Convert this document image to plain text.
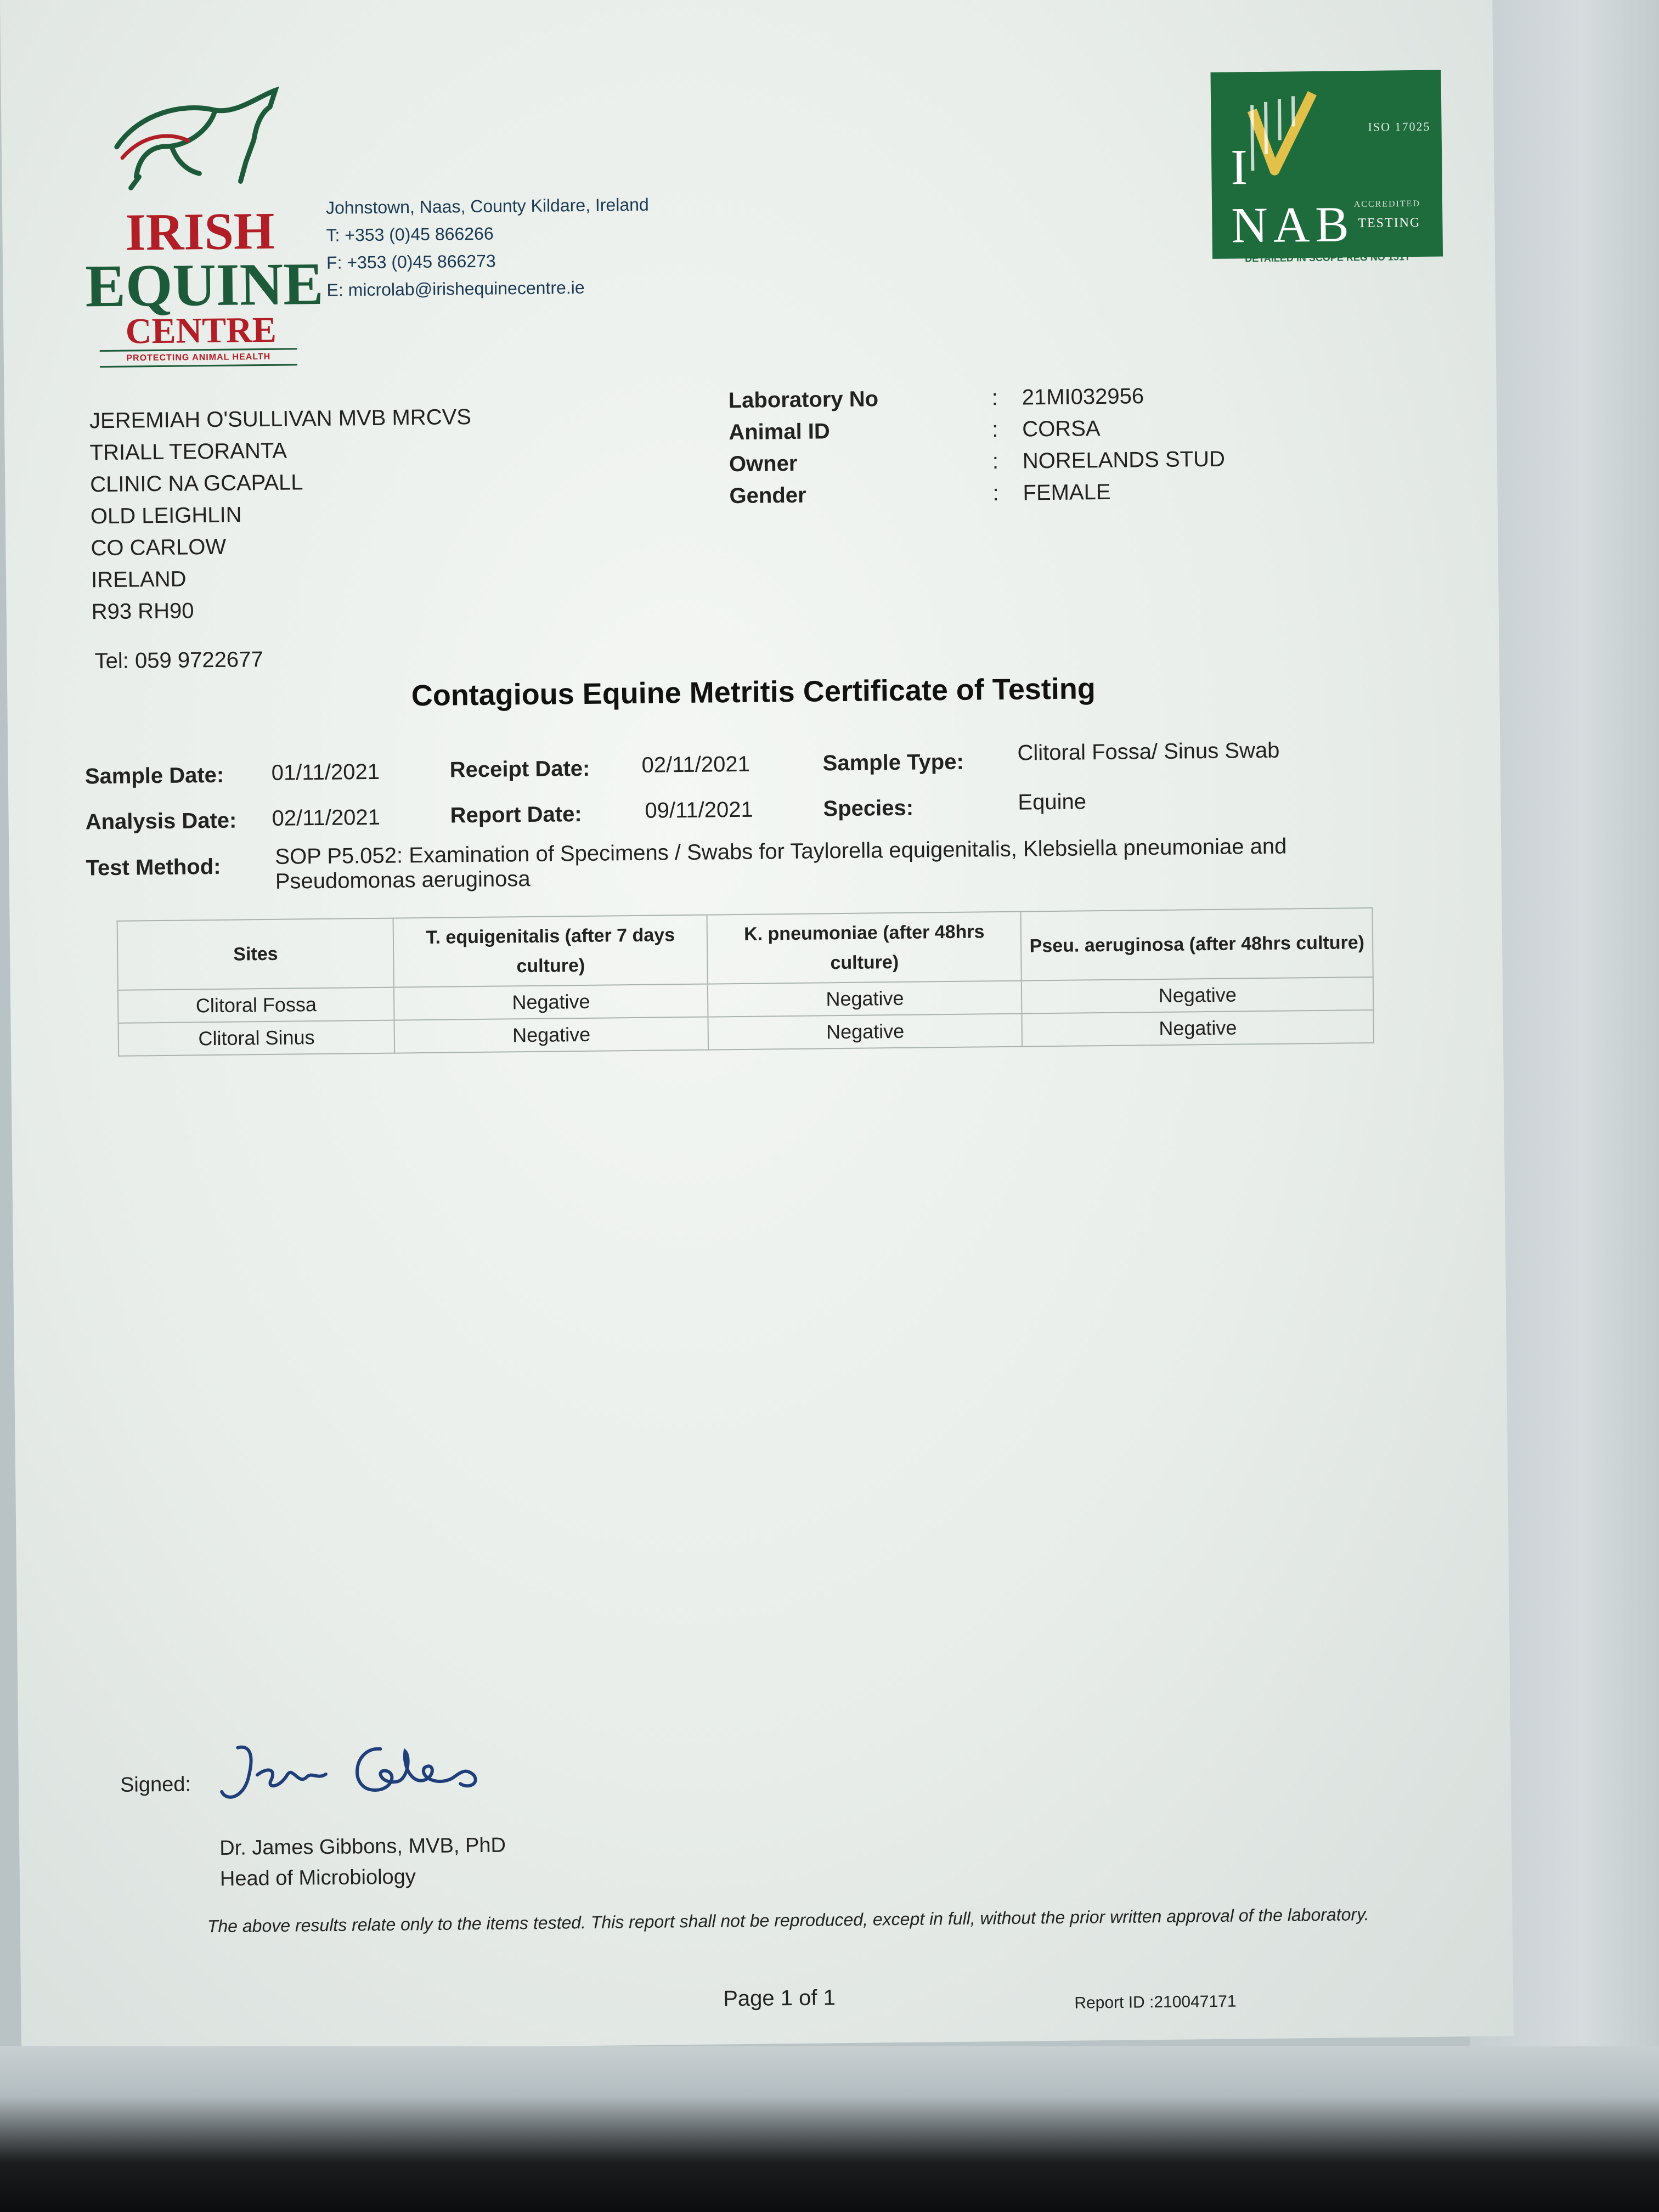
IRISH
EQUINE
CENTRE
PROTECTING ANIMAL HEALTH
Johnstown, Naas, County Kildare, Ireland
T: +353 (0)45 866266
F: +353 (0)45 866273
E: microlab@irishequinecentre.ie
ISO 17025
INAB
ACCREDITED
TESTING
DETAILED IN SCOPE REG NO 151T
JEREMIAH O'SULLIVAN MVB MRCVS
TRIALL TEORANTA
CLINIC NA GCAPALL
OLD LEIGHLIN
CO CARLOW
IRELAND
R93 RH90
Tel: 059 9722677
Laboratory No	:	21MI032956
Animal ID	:	CORSA
Owner	:	NORELANDS STUD
Gender	:	FEMALE
Contagious Equine Metritis Certificate of Testing
Sample Date: 01/11/2021	Receipt Date: 02/11/2021	Sample Type: Clitoral Fossa/ Sinus Swab
Analysis Date: 02/11/2021	Report Date:	09/11/2021	Species:	Equine
Test Method: SOP P5.052: Examination of Specimens / Swabs for Taylorella equigenitalis, Klebsiella pneumoniae and
Pseudomonas aeruginosa
Sites	T. equigenitalis (after 7 days culture)	K. pneumoniae (after 48hrs culture)	Pseu. aeruginosa (after 48hrs culture)
Clitoral Fossa	Negative	Negative	Negative
Clitoral Sinus	Negative	Negative	Negative
Signed:
Dr. James Gibbons, MVB, PhD
Head of Microbiology
The above results relate only to the items tested. This report shall not be reproduced, except in full, without the prior written approval of the laboratory.
Page 1 of 1	Report ID :210047171
